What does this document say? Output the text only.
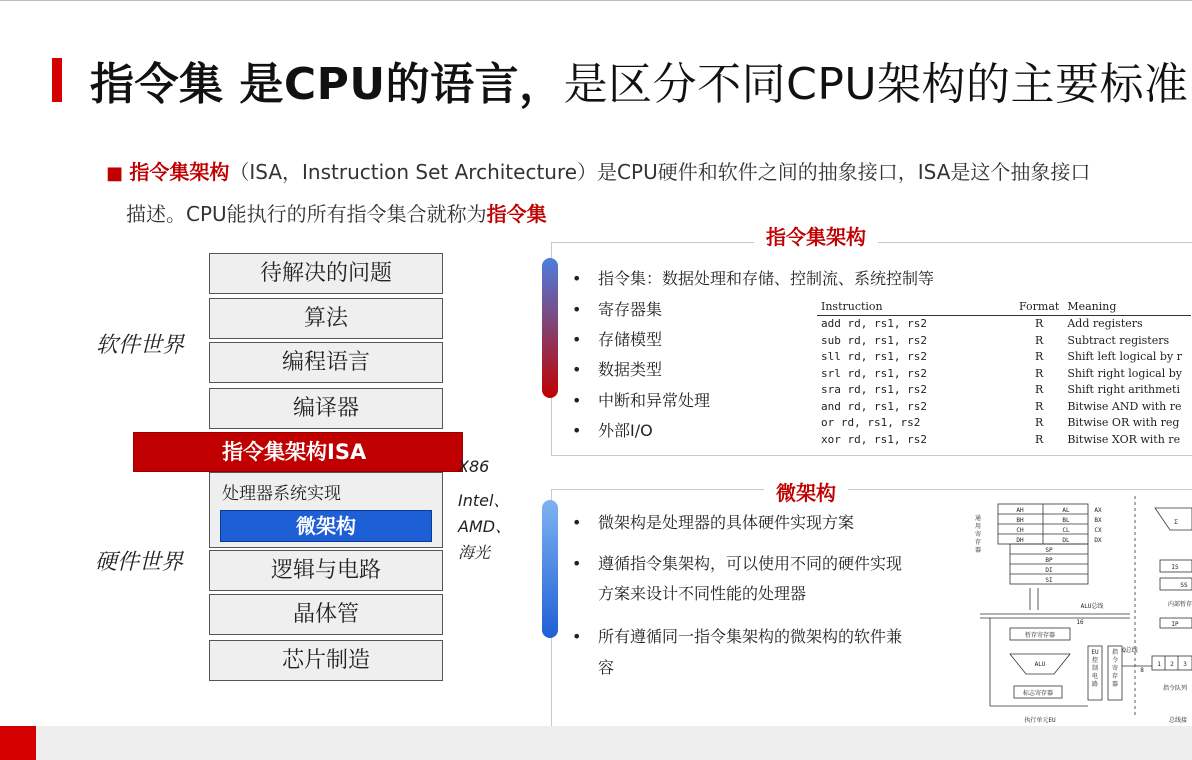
指令集 是CPU的语言，是区分不同CPU架构的主要标准
■ 指令集架构（ISA，Instruction Set Architecture）是CPU硬件和软件之间的抽象接口，ISA是这个抽象接口
描述。CPU能执行的所有指令集合就称为指令集
软件世界
硬件世界
待解决的问题
算法
编程语言
编译器
指令集架构ISA
处理器系统实现
微架构
逻辑与电路
晶体管
芯片制造
X86
Intel、
AMD、
海光
指令集架构
• 指令集：数据处理和存储、控制流、系统控制等
• 寄存器集
• 存储模型
• 数据类型
• 中断和异常处理
• 外部I/O
Instruction	Format	Meaning
add rd, rs1, rs2	R	Add registers
sub rd, rs1, rs2	R	Subtract registers
sll rd, rs1, rs2	R	Shift left logical by r
srl rd, rs1, rs2	R	Shift right logical by
sra rd, rs1, rs2	R	Shift right arithmeti
and rd, rs1, rs2	R	Bitwise AND with re
or rd, rs1, rs2	R	Bitwise OR with reg
xor rd, rs1, rs2	R	Bitwise XOR with re
微架构
• 微架构是处理器的具体硬件实现方案
• 遵循指令集架构，可以使用不同的硬件实现
方案来设计不同性能的处理器
• 所有遵循同一指令集架构的微架构的软件兼
容
AH	AL	AX
BH	BL	BX
CH	CL	CX
DH	DL	DX
SP
BP
DI
SI
通
用
寄
存
器
ALU总线
16
暂存寄存器
ALU
标志寄存器
EU
控
制
电
路
指
令
寄
存
器
Q总线
8
1 2 3
指令队列
执行单元EU	总线接
IS
SS
IP
内部暂存
Σ
